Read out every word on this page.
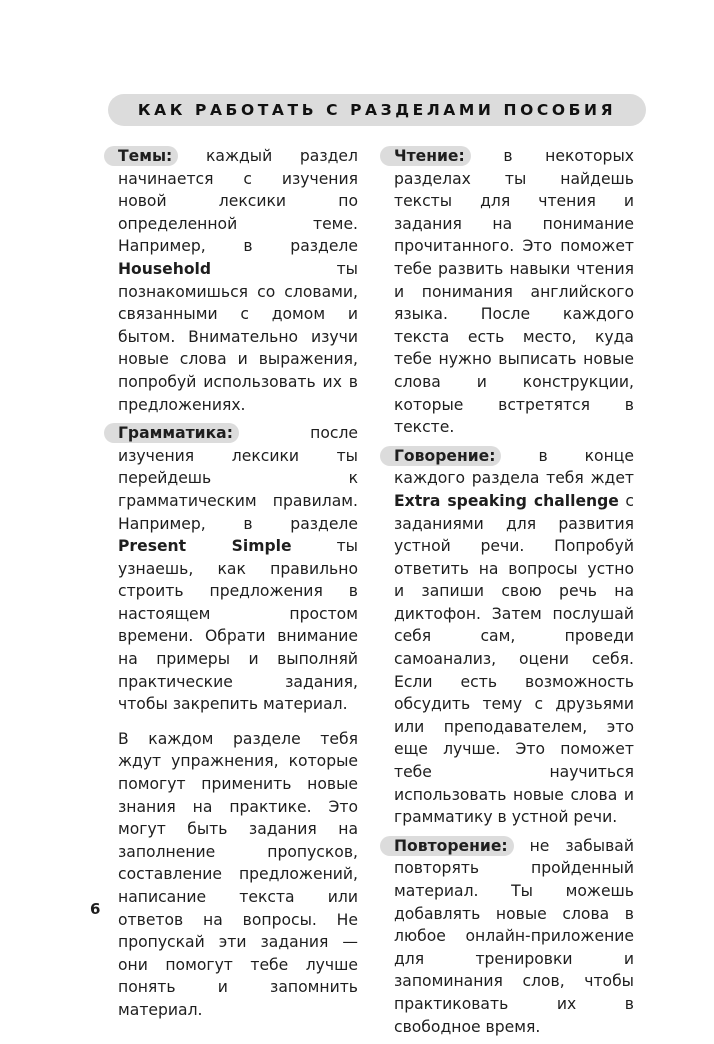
КАК РАБОТАТЬ С РАЗДЕЛАМИ ПОСОБИЯ

Темы: каждый раздел начинается с изучения новой лексики по определенной теме. Например, в разделе Household ты познакомишься со словами, связанными с домом и бытом. Внимательно изучи новые слова и выражения, попробуй использовать их в предложениях.

Грамматика: после изучения лексики ты перейдешь к грамматическим правилам. Например, в разделе Present Simple ты узнаешь, как правильно строить предложения в настоящем простом времени. Обрати внимание на примеры и выполняй практические задания, чтобы закрепить материал.

В каждом разделе тебя ждут упражнения, которые помогут применить новые знания на практике. Это могут быть задания на заполнение пропусков, составление предложений, написание текста или ответов на вопросы. Не пропускай эти задания — они помогут тебе лучше понять и запомнить материал.

Чтение: в некоторых разделах ты найдешь тексты для чтения и задания на понимание прочитанного. Это поможет тебе развить навыки чтения и понимания английского языка. После каждого текста есть место, куда тебе нужно выписать новые слова и конструкции, которые встретятся в тексте.

Говорение: в конце каждого раздела тебя ждет Extra speaking challenge с заданиями для развития устной речи. Попробуй ответить на вопросы устно и запиши свою речь на диктофон. Затем послушай себя сам, проведи самоанализ, оцени себя. Если есть возможность обсудить тему с друзьями или преподавателем, это еще лучше. Это поможет тебе научиться использовать новые слова и грамматику в устной речи.

Повторение: не забывай повторять пройденный материал. Ты можешь добавлять новые слова в любое онлайн-приложение для тренировки и запоминания слов, чтобы практиковать их в свободное время.

6
